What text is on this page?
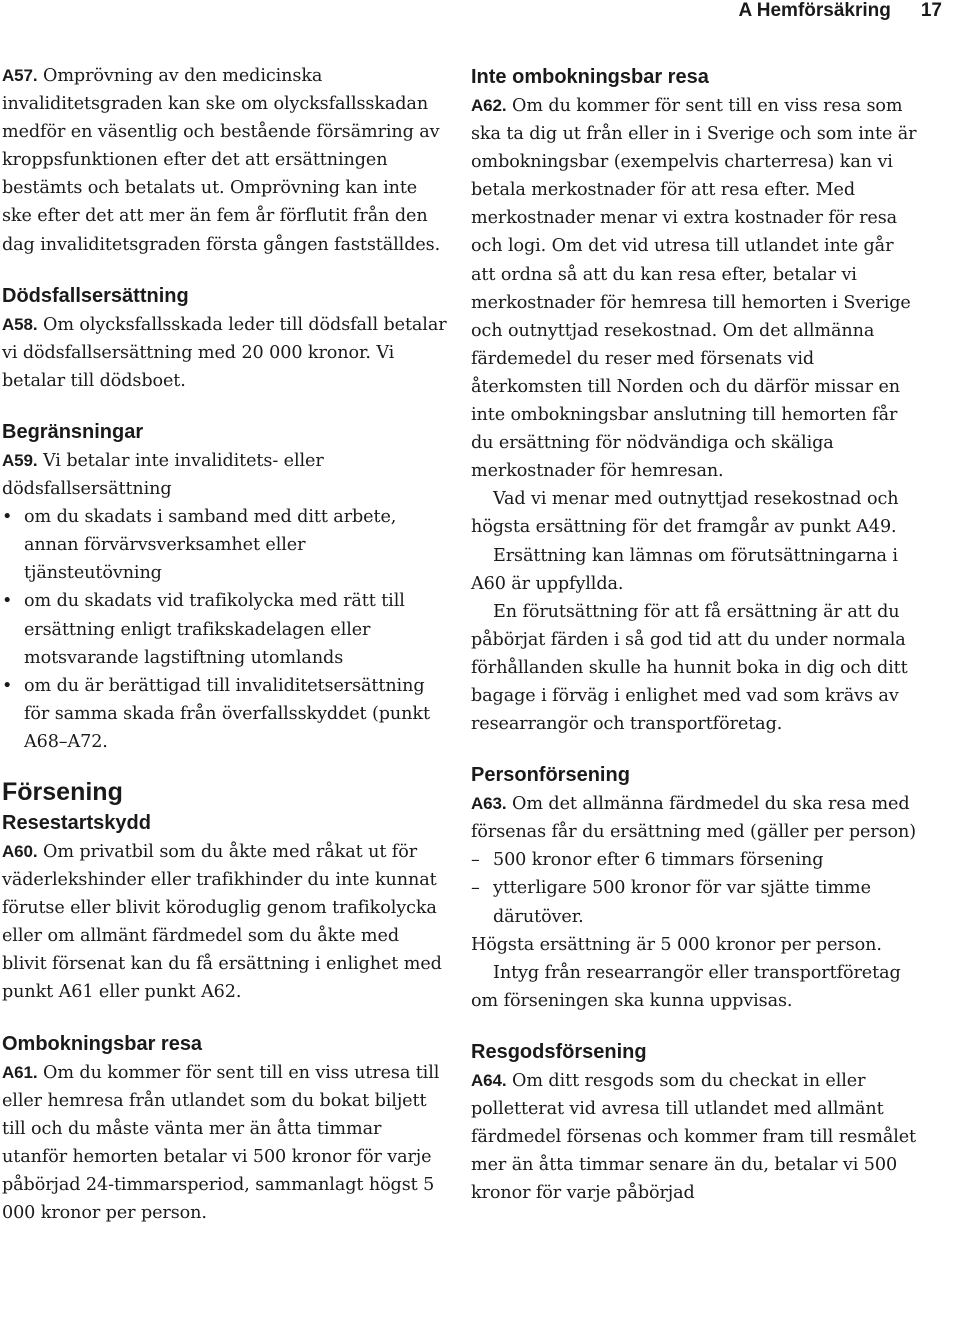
A Hemförsäkring 17

A57. Omprövning av den medicinska invaliditetsgraden kan ske om olycksfallsskadan medför en väsentlig och bestående försämring av kroppsfunktionen efter det att ersättningen bestämts och betalats ut. Omprövning kan inte ske efter det att mer än fem år förflutit från den dag invaliditetsgraden första gången fastställdes.

Dödsfallsersättning

A58. Om olycksfallsskada leder till dödsfall betalar vi dödsfallsersättning med 20 000 kronor. Vi betalar till dödsboet.

Begränsningar

A59. Vi betalar inte invaliditets- eller dödsfallsersättning

• om du skadats i samband med ditt arbete, annan förvärvsverksamhet eller tjänsteutövning
• om du skadats vid trafikolycka med rätt till ersättning enligt trafikskadelagen eller motsvarande lagstiftning utomlands
• om du är berättigad till invaliditetsersättning för samma skada från överfallsskyddet (punkt A68–A72.
Försening
Resestartskydd

A60. Om privatbil som du åkte med råkat ut för väderlekshinder eller trafikhinder du inte kunnat förutse eller blivit köroduglig genom trafikolycka eller om allmänt färdmedel som du åkte med blivit försenat kan du få ersättning i enlighet med punkt A61 eller punkt A62.

Ombokningsbar resa

A61. Om du kommer för sent till en viss utresa till eller hemresa från utlandet som du bokat biljett till och du måste vänta mer än åtta timmar utanför hemorten betalar vi 500 kronor för varje påbörjad 24-timmarsperiod, sammanlagt högst 5 000 kronor per person.

Inte ombokningsbar resa

A62. Om du kommer för sent till en viss resa som ska ta dig ut från eller in i Sverige och som inte är ombokningsbar (exempelvis charterresa) kan vi betala merkostnader för att resa efter. Med merkostnader menar vi extra kostnader för resa och logi. Om det vid utresa till utlandet inte går att ordna så att du kan resa efter, betalar vi merkostnader för hemresa till hemorten i Sverige och outnyttjad resekostnad. Om det allmänna färdemedel du reser med försenats vid återkomsten till Norden och du därför missar en inte ombokningsbar anslutning till hemorten får du ersättning för nödvändiga och skäliga merkostnader för hemresan.

Vad vi menar med outnyttjad resekostnad och högsta ersättning för det framgår av punkt A49.

Ersättning kan lämnas om förutsättningarna i A60 är uppfyllda.

En förutsättning för att få ersättning är att du påbörjat färden i så god tid att du under normala förhållanden skulle ha hunnit boka in dig och ditt bagage i förväg i enlighet med vad som krävs av researrangör och transportföretag.

Personförsening

A63. Om det allmänna färdmedel du ska resa med försenas får du ersättning med (gäller per person)

– 500 kronor efter 6 timmars försening
– ytterligare 500 kronor för var sjätte timme därutöver.

Högsta ersättning är 5 000 kronor per person.

Intyg från researrangör eller transportföretag om förseningen ska kunna uppvisas.

Resgodsförsening

A64. Om ditt resgods som du checkat in eller polletterat vid avresa till utlandet med allmänt färdmedel försenas och kommer fram till resmålet mer än åtta timmar senare än du, betalar vi 500 kronor för varje påbörjad
